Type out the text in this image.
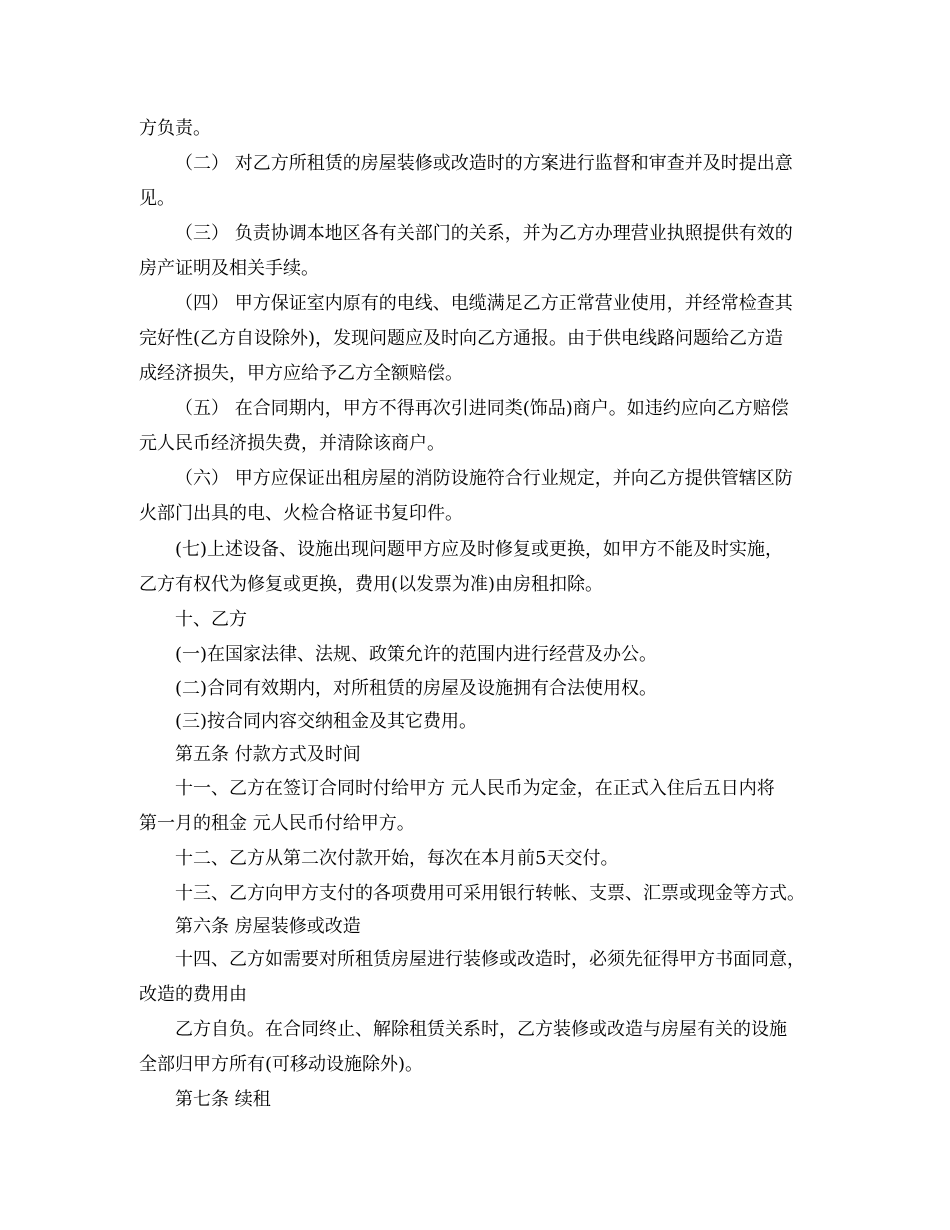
方负责。
（二） 对乙方所租赁的房屋装修或改造时的方案进行监督和审查并及时提出意
见。
（三） 负责协调本地区各有关部门的关系，并为乙方办理营业执照提供有效的
房产证明及相关手续。
（四） 甲方保证室内原有的电线、电缆满足乙方正常营业使用，并经常检查其
完好性(乙方自设除外)，发现问题应及时向乙方通报。由于供电线路问题给乙方造
成经济损失，甲方应给予乙方全额赔偿。
（五） 在合同期内，甲方不得再次引进同类(饰品)商户。如违约应向乙方赔偿
元人民币经济损失费，并清除该商户。
（六） 甲方应保证出租房屋的消防设施符合行业规定，并向乙方提供管辖区防
火部门出具的电、火检合格证书复印件。
(七)上述设备、设施出现问题甲方应及时修复或更换，如甲方不能及时实施，
乙方有权代为修复或更换，费用(以发票为准)由房租扣除。
十、乙方
(一)在国家法律、法规、政策允许的范围内进行经营及办公。
(二)合同有效期内，对所租赁的房屋及设施拥有合法使用权。
(三)按合同内容交纳租金及其它费用。
第五条 付款方式及时间
十一、乙方在签订合同时付给甲方 元人民币为定金，在正式入住后五日内将
第一月的租金 元人民币付给甲方。
十二、乙方从第二次付款开始，每次在本月前5天交付。
十三、乙方向甲方支付的各项费用可采用银行转帐、支票、汇票或现金等方式。
第六条 房屋装修或改造
十四、乙方如需要对所租赁房屋进行装修或改造时，必须先征得甲方书面同意，
改造的费用由
乙方自负。在合同终止、解除租赁关系时，乙方装修或改造与房屋有关的设施
全部归甲方所有(可移动设施除外)。
第七条 续租
